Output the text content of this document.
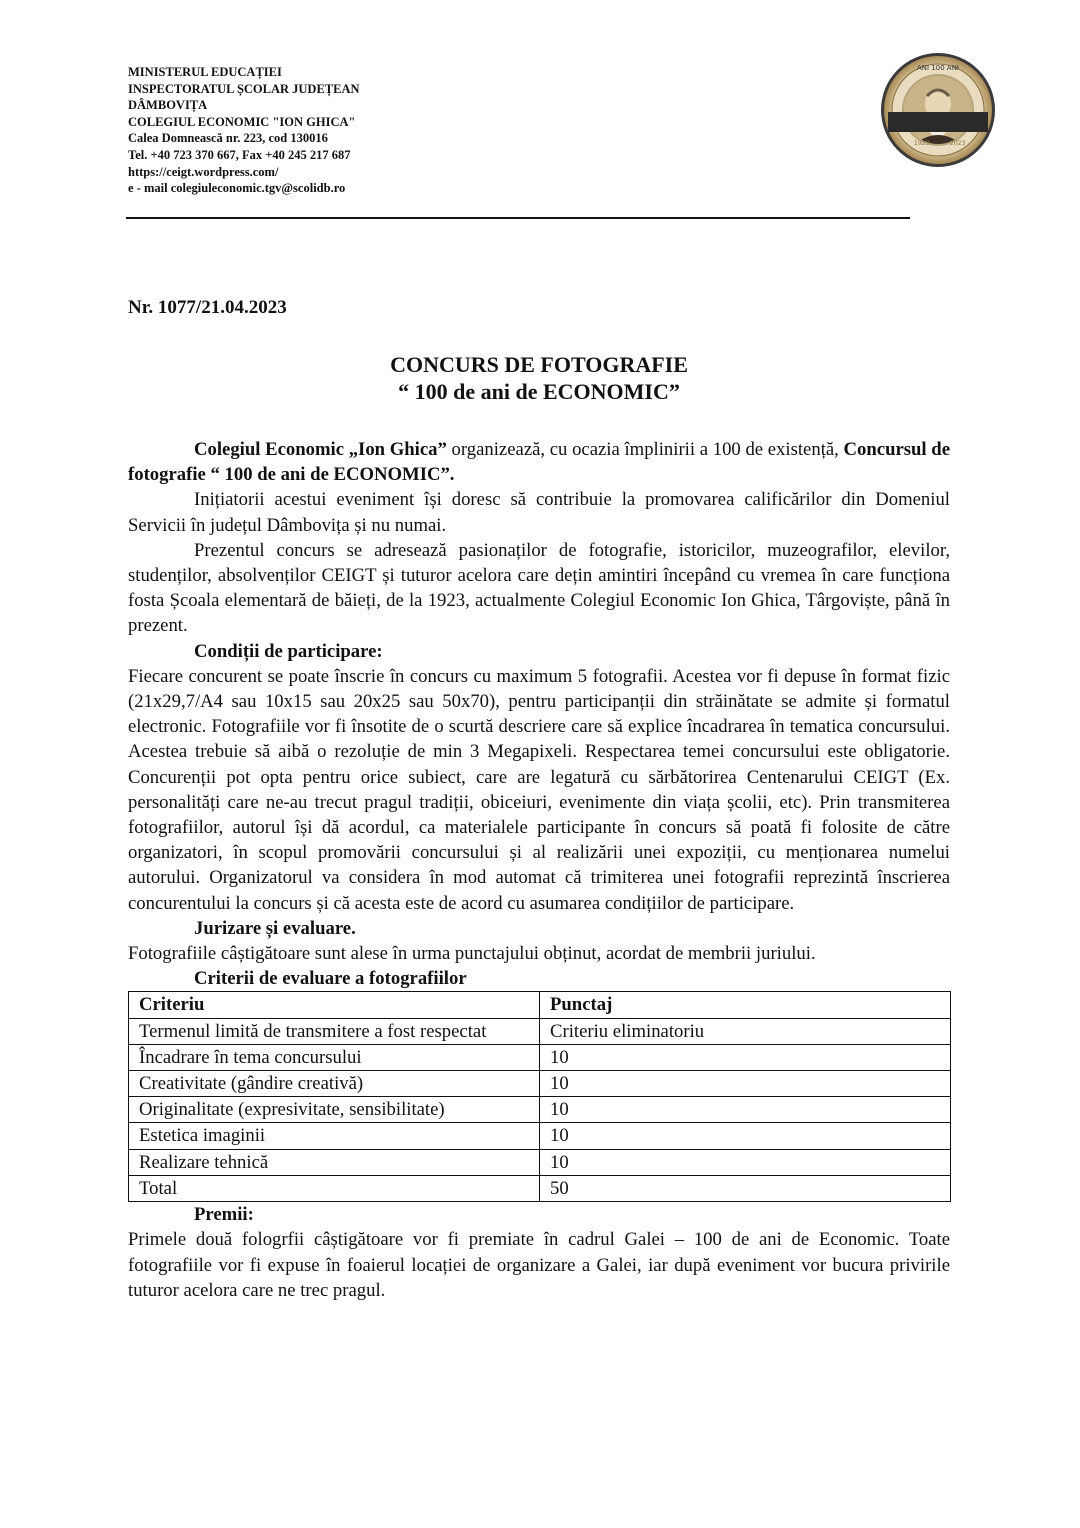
MINISTERUL EDUCAȚIEI
INSPECTORATUL ȘCOLAR JUDEȚEAN
DÂMBOVIȚA
COLEGIUL ECONOMIC "ION GHICA"
Calea Domnească nr. 223, cod 130016
Tel. +40 723 370 667, Fax +40 245 217 687
https://ceigt.wordpress.com/
e - mail colegiuleconomic.tgv@scolidb.ro
1923	2023
ANI 100 ANI
Nr. 1077/21.04.2023
CONCURS DE FOTOGRAFIE
“ 100 de ani de ECONOMIC”

Colegiul Economic „Ion Ghica” organizează, cu ocazia împlinirii a 100 de existență, Concursul de fotografie “ 100 de ani de ECONOMIC”.

Inițiatorii acestui eveniment își doresc să contribuie la promovarea calificărilor din Domeniul Servicii în județul Dâmbovița și nu numai.

Prezentul concurs se adresează pasionaților de fotografie, istoricilor, muzeografilor, elevilor, studenților, absolvenților CEIGT și tuturor acelora care dețin amintiri începând cu vremea în care funcționa fosta Școala elementară de băieți, de la 1923, actualmente Colegiul Economic Ion Ghica, Târgoviște, până în prezent.

Condiții de participare:

Fiecare concurent se poate înscrie în concurs cu maximum 5 fotografii. Acestea vor fi depuse în format fizic (21x29,7/A4 sau 10x15 sau 20x25 sau 50x70), pentru participanții din străinătate se admite și formatul electronic. Fotografiile vor fi însotite de o scurtă descriere care să explice încadrarea în tematica concursului. Acestea trebuie să aibă o rezoluție de min 3 Megapixeli. Respectarea temei concursului este obligatorie. Concurenții pot opta pentru orice subiect, care are legatură cu sărbătorirea Centenarului CEIGT (Ex. personalități care ne-au trecut pragul tradiții, obiceiuri, evenimente din viața școlii, etc). Prin transmiterea fotografiilor, autorul își dă acordul, ca materialele participante în concurs să poată fi folosite de către organizatori, în scopul promovării concursului și al realizării unei expoziții, cu menționarea numelui autorului. Organizatorul va considera în mod automat că trimiterea unei fotografii reprezintă înscrierea concurentului la concurs și că acesta este de acord cu asumarea condițiilor de participare.

Jurizare și evaluare.

Fotografiile câștigătoare sunt alese în urma punctajului obținut, acordat de membrii juriului.

Criterii de evaluare a fotografiilor

Criteriu	Punctaj
Termenul limită de transmitere a fost respectat	Criteriu eliminatoriu
Încadrare în tema concursului	10
Creativitate (gândire creativă)	10
Originalitate (expresivitate, sensibilitate)	10
Estetica imaginii	10
Realizare tehnică	10
Total	50

Premii:

Primele două fologrfii câștigătoare vor fi premiate în cadrul Galei – 100 de ani de Economic. Toate fotografiile vor fi expuse în foaierul locației de organizare a Galei, iar după eveniment vor bucura privirile tuturor acelora care ne trec pragul.
